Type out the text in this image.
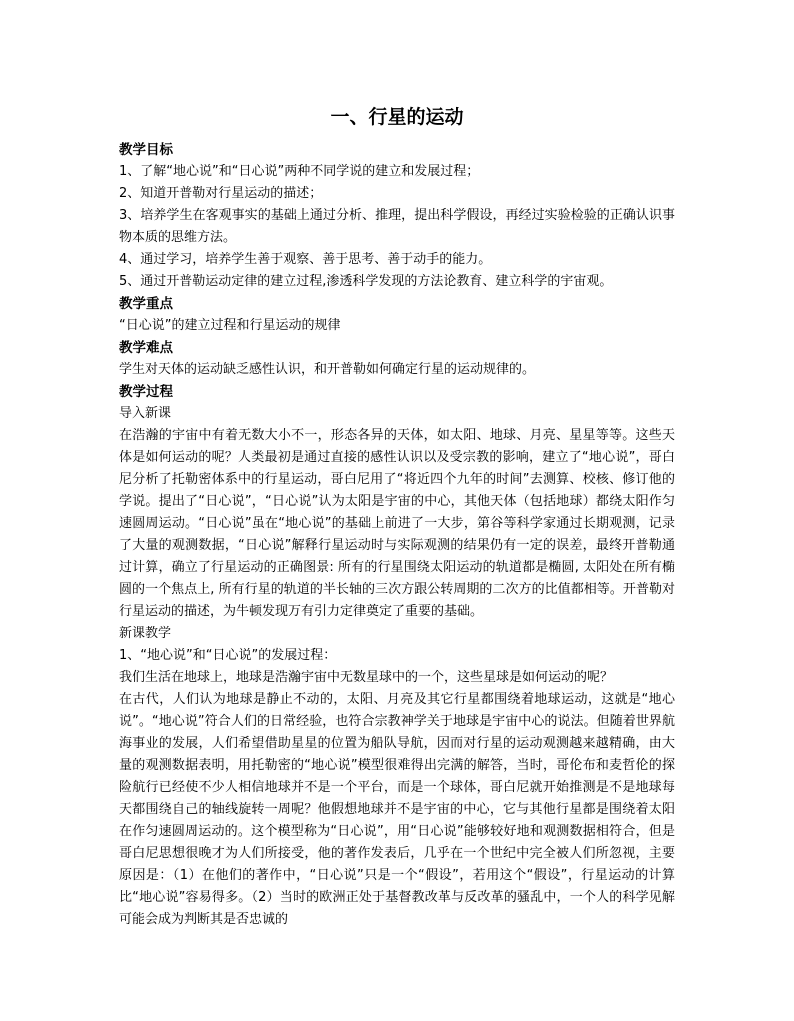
一、行星的运动
教学目标
1、了解“地心说”和“日心说”两种不同学说的建立和发展过程；
2、知道开普勒对行星运动的描述；
3、培养学生在客观事实的基础上通过分析、推理，提出科学假设，再经过实验检验的正确认识事物本质的思维方法。
4、通过学习，培养学生善于观察、善于思考、善于动手的能力。
5、通过开普勒运动定律的建立过程,渗透科学发现的方法论教育、建立科学的宇宙观。
教学重点
“日心说”的建立过程和行星运动的规律
教学难点
学生对天体的运动缺乏感性认识，和开普勒如何确定行星的运动规律的。
教学过程
导入新课
在浩瀚的宇宙中有着无数大小不一，形态各异的天体，如太阳、地球、月亮、星星等等。这些天体是如何运动的呢？人类最初是通过直接的感性认识以及受宗教的影响，建立了“地心说”，哥白尼分析了托勒密体系中的行星运动，哥白尼用了“将近四个九年的时间”去测算、校核、修订他的学说。提出了“日心说”，“日心说”认为太阳是宇宙的中心，其他天体（包括地球）都绕太阳作匀速圆周运动。“日心说”虽在“地心说”的基础上前进了一大步，第谷等科学家通过长期观测，记录了大量的观测数据，“日心说”解释行星运动时与实际观测的结果仍有一定的误差，最终开普勒通过计算，确立了行星运动的正确图景: 所有的行星围绕太阳运动的轨道都是椭圆, 太阳处在所有椭圆的一个焦点上, 所有行星的轨道的半长轴的三次方跟公转周期的二次方的比值都相等。开普勒对行星运动的描述，为牛顿发现万有引力定律奠定了重要的基础。
新课教学
1、“地心说”和“日心说”的发展过程：
我们生活在地球上，地球是浩瀚宇宙中无数星球中的一个，这些星球是如何运动的呢？
在古代，人们认为地球是静止不动的，太阳、月亮及其它行星都围绕着地球运动，这就是“地心说”。“地心说”符合人们的日常经验，也符合宗教神学关于地球是宇宙中心的说法。但随着世界航海事业的发展，人们希望借助星星的位置为船队导航，因而对行星的运动观测越来越精确，由大量的观测数据表明，用托勒密的“地心说”模型很难得出完满的解答，当时，哥伦布和麦哲伦的探险航行已经使不少人相信地球并不是一个平台，而是一个球体，哥白尼就开始推测是不是地球每天都围绕自己的轴线旋转一周呢？他假想地球并不是宇宙的中心，它与其他行星都是围绕着太阳在作匀速圆周运动的。这个模型称为“日心说”，用“日心说”能够较好地和观测数据相符合，但是哥白尼思想很晚才为人们所接受，他的著作发表后，几乎在一个世纪中完全被人们所忽视，主要原因是：（1）在他们的著作中，“日心说”只是一个“假设”，若用这个“假设”，行星运动的计算比“地心说”容易得多。（2）当时的欧洲正处于基督教改革与反改革的骚乱中，一个人的科学见解可能会成为判断其是否忠诚的
